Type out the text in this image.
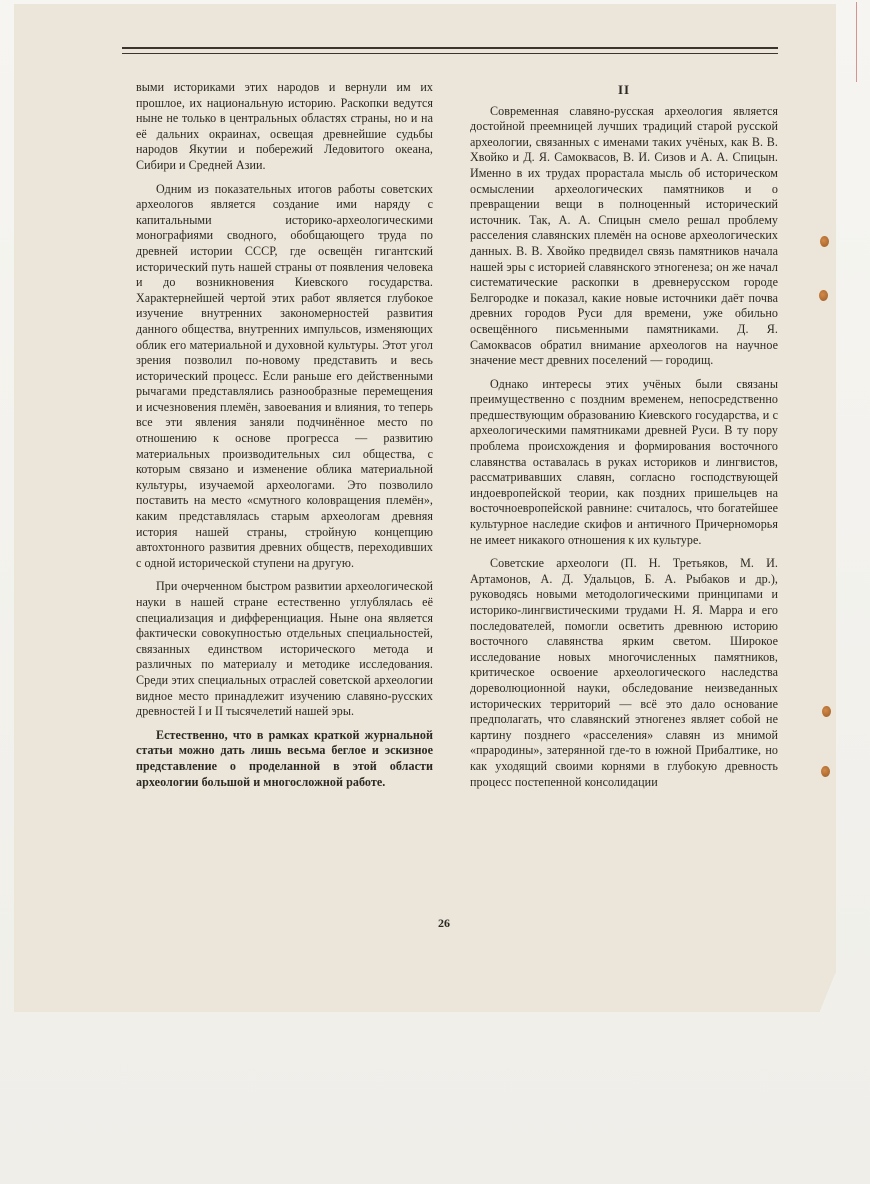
выми историками этих народов и вернули им их прошлое, их национальную историю. Раскопки ведутся ныне не только в центральных областях страны, но и на её дальних окраинах, освещая древнейшие судьбы народов Якутии и побережий Ледовитого океана, Сибири и Средней Азии.

Одним из показательных итогов работы советских археологов является создание ими наряду с капитальными историко-археологическими монографиями сводного, обобщающего труда по древней истории СССР, где освещён гигантский исторический путь нашей страны от появления человека и до возникновения Киевского государства. Характернейшей чертой этих работ является глубокое изучение внутренних закономерностей развития данного общества, внутренних импульсов, изменяющих облик его материальной и духовной культуры. Этот угол зрения позволил по-новому представить и весь исторический процесс. Если раньше его действенными рычагами представлялись разнообразные перемещения и исчезновения племён, завоевания и влияния, то теперь все эти явления заняли подчинённое место по отношению к основе прогресса — развитию материальных производительных сил общества, с которым связано и изменение облика материальной культуры, изучаемой археологами. Это позволило поставить на место «смутного коловращения племён», каким представлялась старым археологам древняя история нашей страны, стройную концепцию автохтонного развития древних обществ, переходивших с одной исторической ступени на другую.

При очерченном быстром развитии археологической науки в нашей стране естественно углублялась её специализация и дифференциация. Ныне она является фактически совокупностью отдельных специальностей, связанных единством исторического метода и различных по материалу и методике исследования. Среди этих специальных отраслей советской археологии видное место принадлежит изучению славяно-русских древностей I и II тысячелетий нашей эры.

Естественно, что в рамках краткой журнальной статьи можно дать лишь весьма беглое и эскизное представление о проделанной в этой области археологии большой и многосложной работе.

II

Современная славяно-русская археология является достойной преемницей лучших традиций старой русской археологии, связанных с именами таких учёных, как В. В. Хвойко и Д. Я. Самоквасов, В. И. Сизов и А. А. Спицын. Именно в их трудах прорастала мысль об историческом осмыслении археологических памятников и о превращении вещи в полноценный исторический источник. Так, А. А. Спицын смело решал проблему расселения славянских племён на основе археологических данных. В. В. Хвойко предвидел связь памятников начала нашей эры с историей славянского этногенеза; он же начал систематические раскопки в древнерусском городе Белгородке и показал, какие новые источники даёт почва древних городов Руси для времени, уже обильно освещённого письменными памятниками. Д. Я. Самоквасов обратил внимание археологов на научное значение мест древних поселений — городищ.

Однако интересы этих учёных были связаны преимущественно с поздним временем, непосредственно предшествующим образованию Киевского государства, и с археологическими памятниками древней Руси. В ту пору проблема происхождения и формирования восточного славянства оставалась в руках историков и лингвистов, рассматривавших славян, согласно господствующей индоевропейской теории, как поздних пришельцев на восточноевропейской равнине: считалось, что богатейшее культурное наследие скифов и античного Причерноморья не имеет никакого отношения к их культуре.

Советские археологи (П. Н. Третьяков, М. И. Артамонов, А. Д. Удальцов, Б. А. Рыбаков и др.), руководясь новыми методологическими принципами и историко-лингвистическими трудами Н. Я. Марра и его последователей, помогли осветить древнюю историю восточного славянства ярким светом. Широкое исследование новых многочисленных памятников, критическое освоение археологического наследства дореволюционной науки, обследование неизведанных исторических территорий — всё это дало основание предполагать, что славянский этногенез являет собой не картину позднего «расселения» славян из мнимой «прародины», затерянной где-то в южной Прибалтике, но как уходящий своими корнями в глубокую древность процесс постепенной консолидации

26
